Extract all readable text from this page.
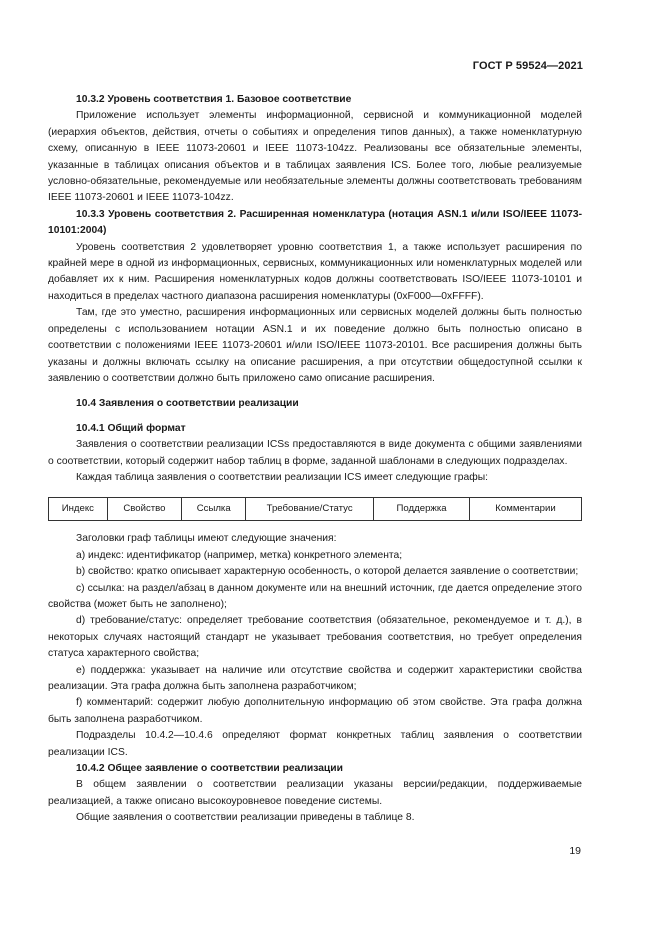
ГОСТ Р 59524—2021

10.3.2 Уровень соответствия 1. Базовое соответствие

Приложение использует элементы информационной, сервисной и коммуникационной моделей (иерархия объектов, действия, отчеты о событиях и определения типов данных), а также номенклатурную схему, описанную в IEEE 11073-20601 и IEEE 11073-104zz. Реализованы все обязательные элементы, указанные в таблицах описания объектов и в таблицах заявления ICS. Более того, любые реализуемые условно-обязательные, рекомендуемые или необязательные элементы должны соответствовать требованиям IEEE 11073-20601 и IEEE 11073-104zz.

10.3.3 Уровень соответствия 2. Расширенная номенклатура (нотация ASN.1 и/или ISO/IEEE 11073-10101:2004)

Уровень соответствия 2 удовлетворяет уровню соответствия 1, а также использует расширения по крайней мере в одной из информационных, сервисных, коммуникационных или номенклатурных моделей или добавляет их к ним. Расширения номенклатурных кодов должны соответствовать ISO/IEEE 11073-10101 и находиться в пределах частного диапазона расширения номенклатуры (0xF000—0xFFFF).

Там, где это уместно, расширения информационных или сервисных моделей должны быть полностью определены с использованием нотации ASN.1 и их поведение должно быть полностью описано в соответствии с положениями IEEE 11073-20601 и/или ISO/IEEE 11073-20101. Все расширения должны быть указаны и должны включать ссылку на описание расширения, а при отсутствии общедоступной ссылки к заявлению о соответствии должно быть приложено само описание расширения.

10.4 Заявления о соответствии реализации

10.4.1 Общий формат

Заявления о соответствии реализации ICSs предоставляются в виде документа с общими заявлениями о соответствии, который содержит набор таблиц в форме, заданной шаблонами в следующих подразделах.

Каждая таблица заявления о соответствии реализации ICS имеет следующие графы:

Индекс	Свойство	Ссылка	Требование/Статус	Поддержка	Комментарии

Заголовки граф таблицы имеют следующие значения:

a) индекс: идентификатор (например, метка) конкретного элемента;

b) свойство: кратко описывает характерную особенность, о которой делается заявление о соответствии;

c) ссылка: на раздел/абзац в данном документе или на внешний источник, где дается определение этого свойства (может быть не заполнено);

d) требование/статус: определяет требование соответствия (обязательное, рекомендуемое и т. д.), в некоторых случаях настоящий стандарт не указывает требования соответствия, но требует определения статуса характерного свойства;

e) поддержка: указывает на наличие или отсутствие свойства и содержит характеристики свойства реализации. Эта графа должна быть заполнена разработчиком;

f) комментарий: содержит любую дополнительную информацию об этом свойстве. Эта графа должна быть заполнена разработчиком.

Подразделы 10.4.2—10.4.6 определяют формат конкретных таблиц заявления о соответствии реализации ICS.

10.4.2 Общее заявление о соответствии реализации

В общем заявлении о соответствии реализации указаны версии/редакции, поддерживаемые реализацией, а также описано высокоуровневое поведение системы.

Общие заявления о соответствии реализации приведены в таблице 8.

19
